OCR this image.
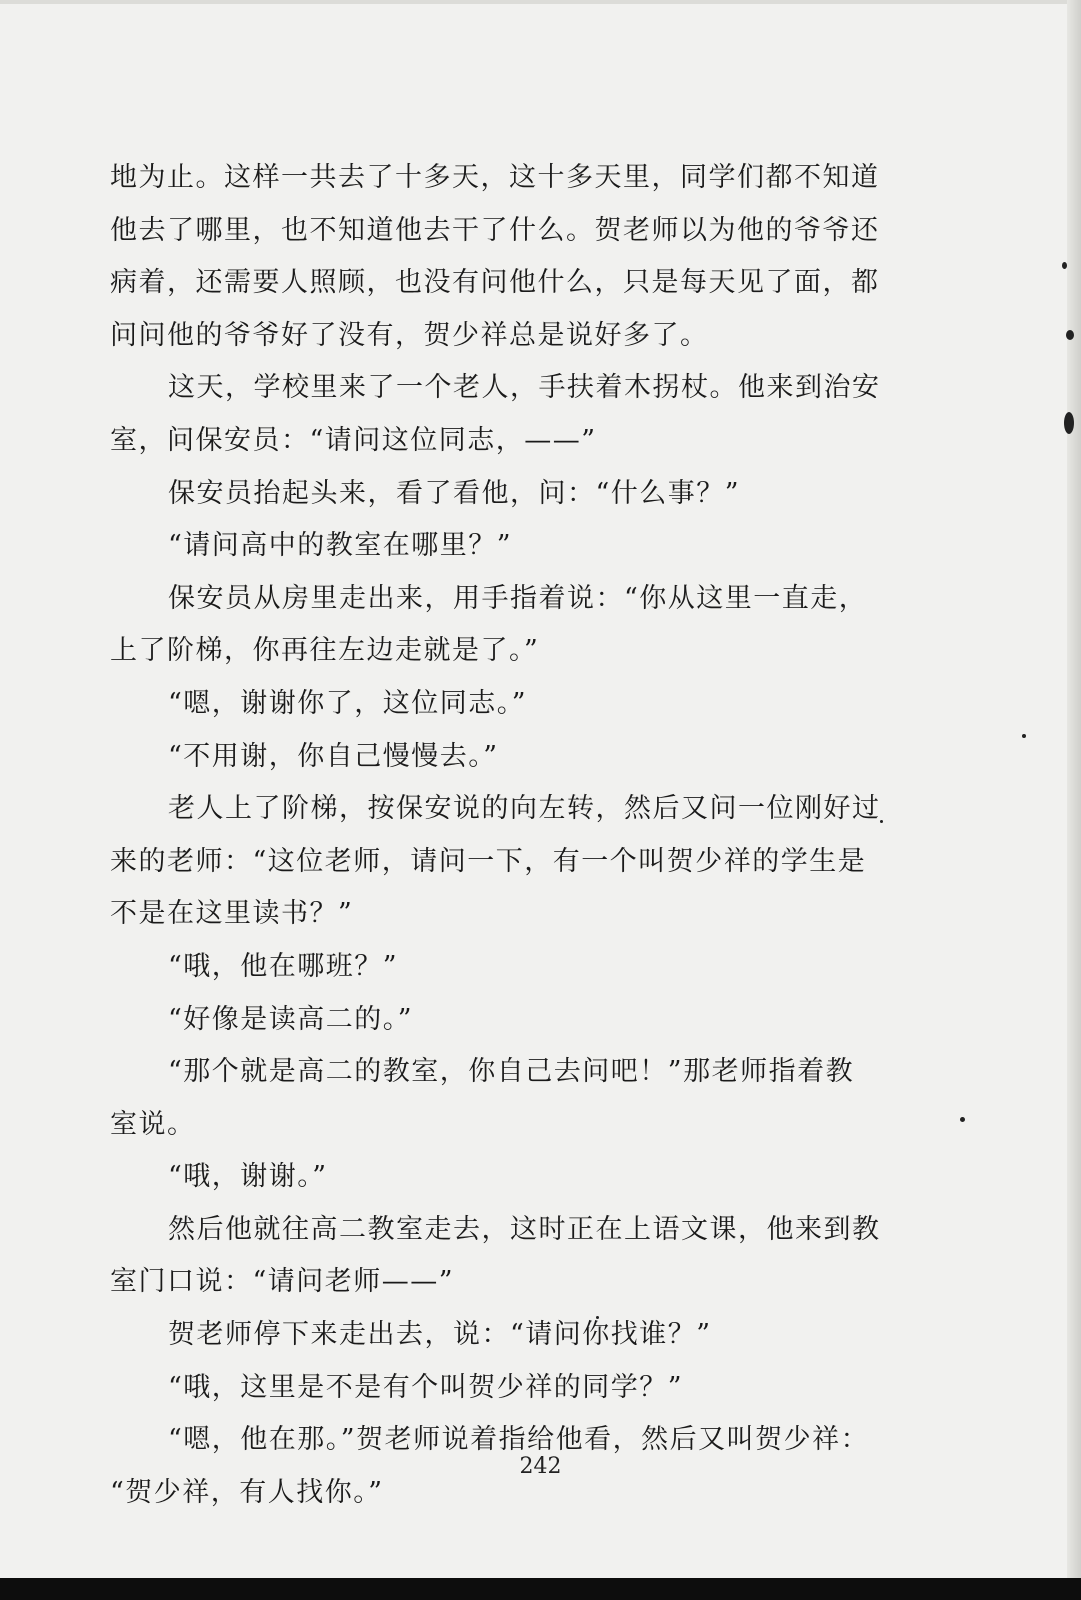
地为止。这样一共去了十多天，这十多天里，同学们都不知道
他去了哪里，也不知道他去干了什么。贺老师以为他的爷爷还
病着，还需要人照顾，也没有问他什么，只是每天见了面，都
问问他的爷爷好了没有，贺少祥总是说好多了。
这天，学校里来了一个老人，手扶着木拐杖。他来到治安
室，问保安员：“请问这位同志，——”
保安员抬起头来，看了看他，问：“什么事？”
“请问高中的教室在哪里？”
保安员从房里走出来，用手指着说：“你从这里一直走，
上了阶梯，你再往左边走就是了。”
“嗯，谢谢你了，这位同志。”
“不用谢，你自己慢慢去。”
老人上了阶梯，按保安说的向左转，然后又问一位刚好过
来的老师：“这位老师，请问一下，有一个叫贺少祥的学生是
不是在这里读书？”
“哦，他在哪班？”
“好像是读高二的。”
“那个就是高二的教室，你自己去问吧！”那老师指着教
室说。
“哦，谢谢。”
然后他就往高二教室走去，这时正在上语文课，他来到教
室门口说：“请问老师——”
贺老师停下来走出去，说：“请问你找谁？”
“哦，这里是不是有个叫贺少祥的同学？”
“嗯，他在那。”贺老师说着指给他看，然后又叫贺少祥：
“贺少祥，有人找你。”
242
